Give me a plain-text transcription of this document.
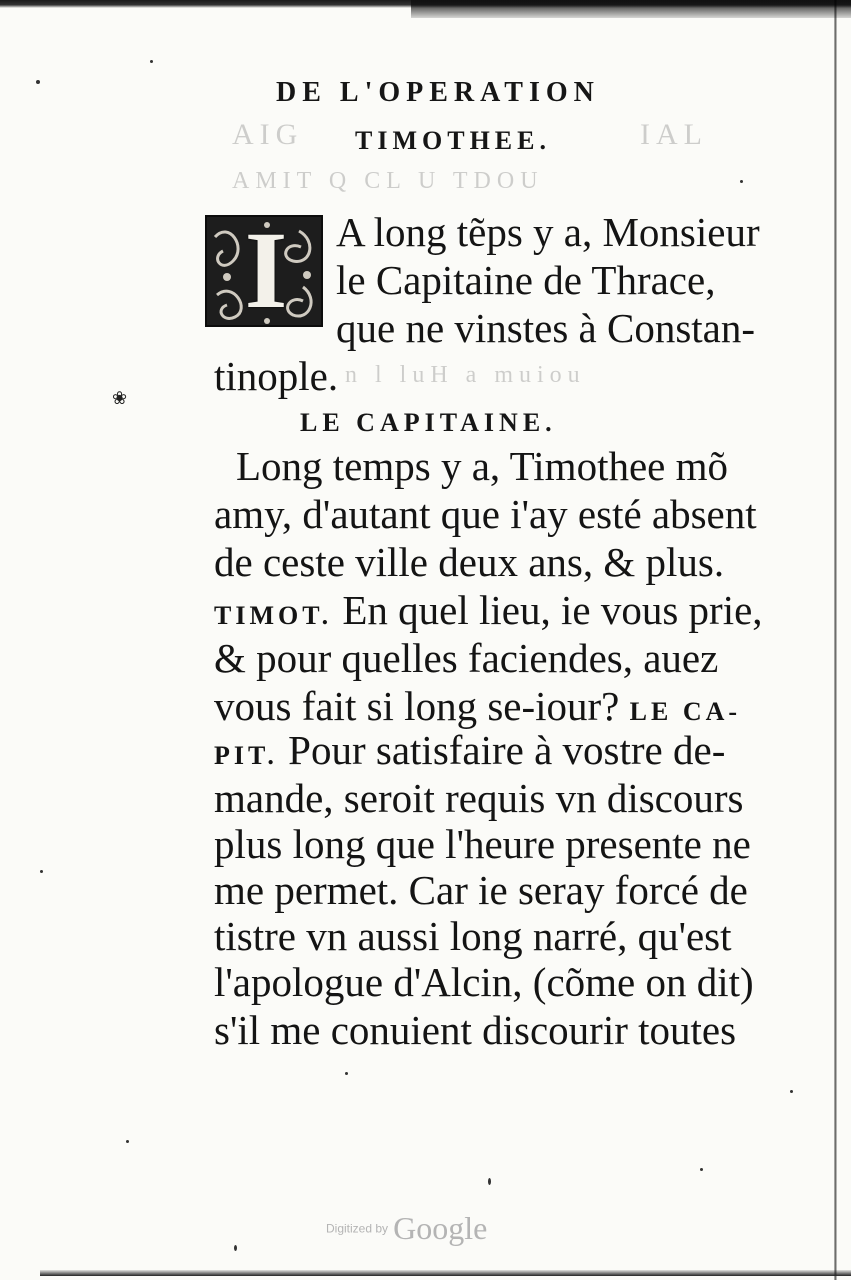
AIG	IAL
AMIT Q CL U TDOU
n l luH a muiou
DE L'OPERATION
TIMOTHEE.
I	A long tẽps y a, Monsieur
le Capitaine de Thrace,
que ne vinstes à Constan-
tinople.
❀
LE CAPITAINE.
Long temps y a, Timothee mõ
amy, d'autant que i'ay esté absent
de ceste ville deux ans, & plus.
TIMOT. En quel lieu, ie vous prie,
& pour quelles faciendes, auez
vous fait si long se-iour? LE CA-
PIT. Pour satisfaire à vostre de-
mande, seroit requis vn discours
plus long que l'heure presente ne
me permet. Car ie seray forcé de
tistre vn aussi long narré, qu'est
l'apologue d'Alcin, (cõme on dit)
s'il me conuient discourir toutes
Digitized by Google
